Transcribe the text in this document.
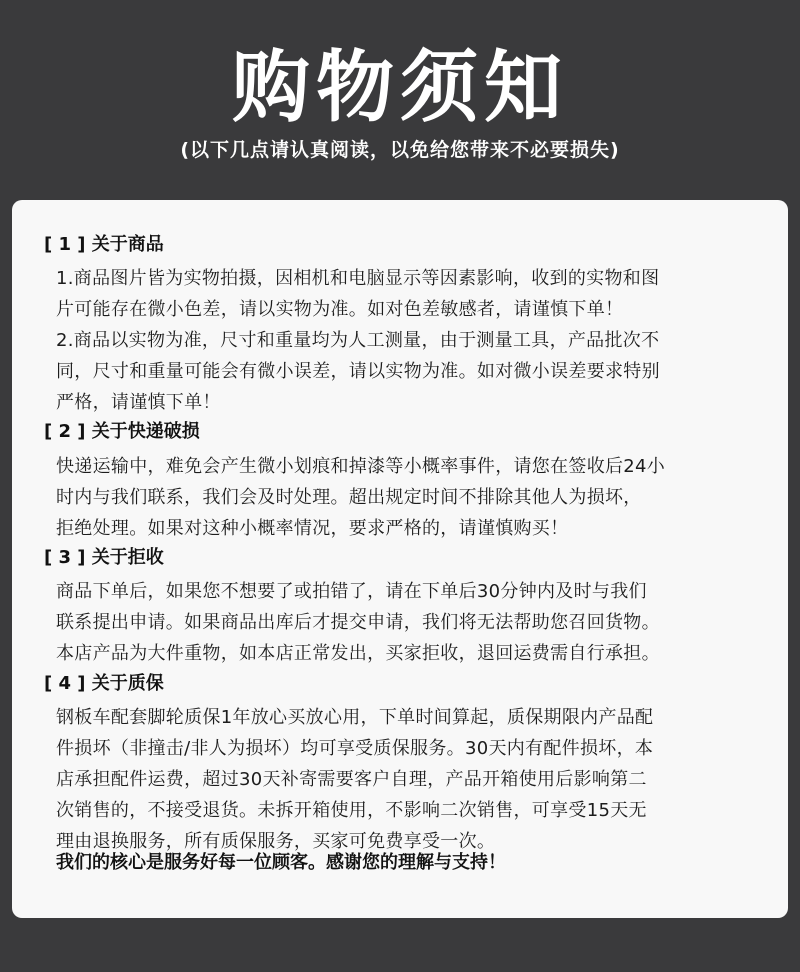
购物须知
(以下几点请认真阅读，以免给您带来不必要损失)
[ 1 ] 关于商品
1.商品图片皆为实物拍摄，因相机和电脑显示等因素影响，收到的实物和图
片可能存在微小色差，请以实物为准。如对色差敏感者，请谨慎下单！
2.商品以实物为准，尺寸和重量均为人工测量，由于测量工具，产品批次不
同，尺寸和重量可能会有微小误差，请以实物为准。如对微小误差要求特别
严格，请谨慎下单！
[ 2 ] 关于快递破损
快递运输中，难免会产生微小划痕和掉漆等小概率事件，请您在签收后24小
时内与我们联系，我们会及时处理。超出规定时间不排除其他人为损坏，
拒绝处理。如果对这种小概率情况，要求严格的，请谨慎购买！
[ 3 ] 关于拒收
商品下单后，如果您不想要了或拍错了，请在下单后30分钟内及时与我们
联系提出申请。如果商品出库后才提交申请，我们将无法帮助您召回货物。
本店产品为大件重物，如本店正常发出，买家拒收，退回运费需自行承担。
[ 4 ] 关于质保
钢板车配套脚轮质保1年放心买放心用，下单时间算起，质保期限内产品配
件损坏（非撞击/非人为损坏）均可享受质保服务。30天内有配件损坏，本
店承担配件运费，超过30天补寄需要客户自理，产品开箱使用后影响第二
次销售的，不接受退货。未拆开箱使用，不影响二次销售，可享受15天无
理由退换服务，所有质保服务，买家可免费享受一次。
我们的核心是服务好每一位顾客。感谢您的理解与支持！
